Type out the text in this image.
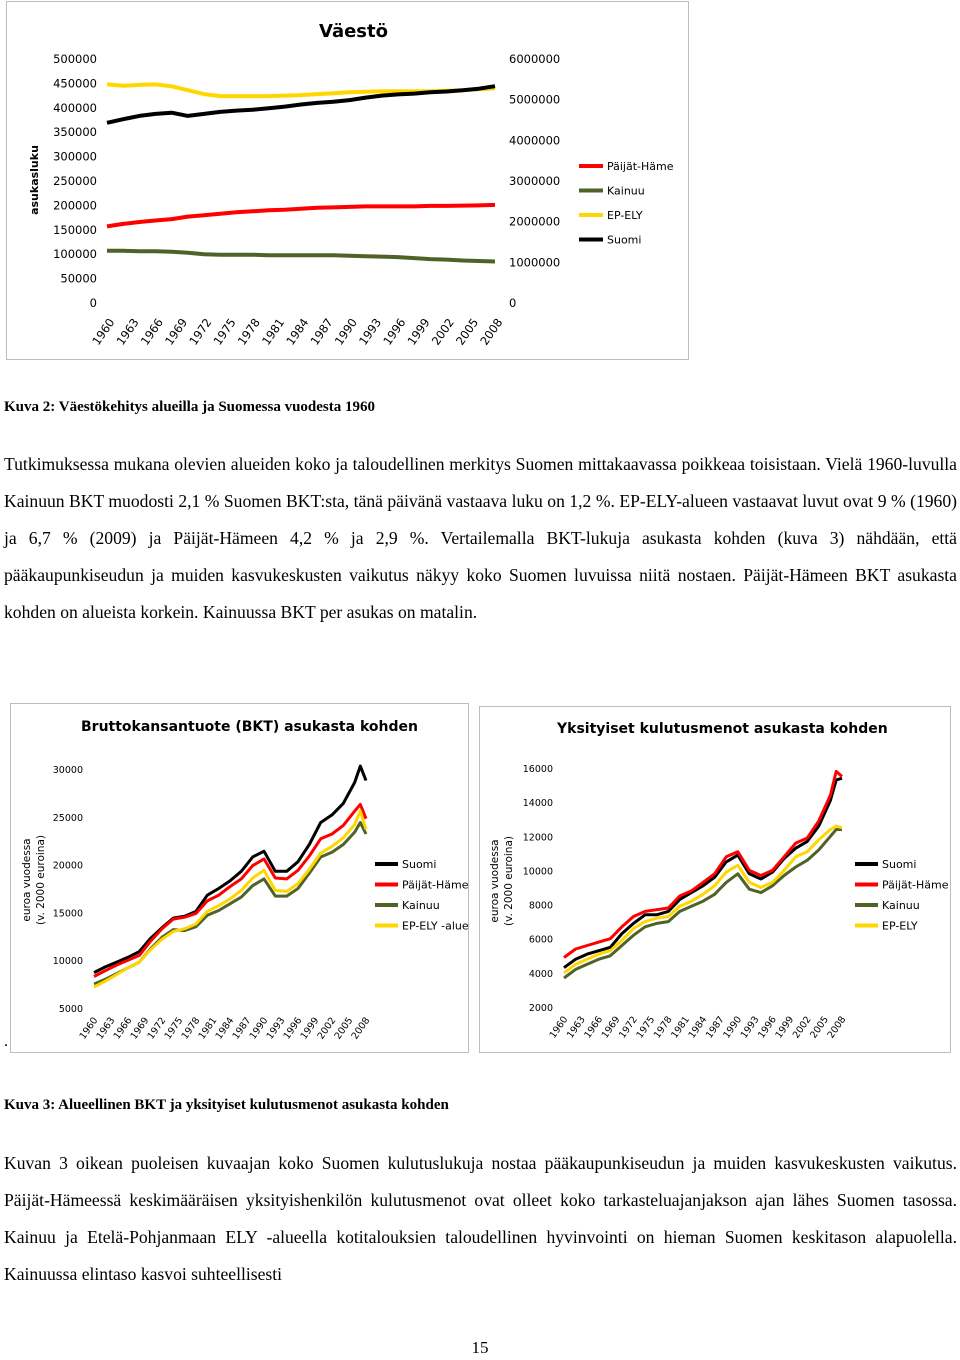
Väestö
asukasluku
500000
450000
400000
350000
300000
250000
200000
150000
100000
50000
0
6000000
5000000
4000000
3000000
2000000
1000000
0
1960
1963
1966
1969
1972
1975
1978
1981
1984
1987
1990
1993
1996
1999
2002
2005
2008
Päijät-Häme
Kainuu
EP-ELY
Suomi
Kuva 2: Väestökehitys alueilla ja Suomessa vuodesta 1960

Tutkimuksessa mukana olevien alueiden koko ja taloudellinen merkitys Suomen mittakaavassa poikkeaa toisistaan. Vielä 1960-luvulla Kainuun BKT muodosti 2,1 % Suomen BKT:sta, tänä päivänä vastaava luku on 1,2 %. EP-ELY-alueen vastaavat luvut ovat 9 % (1960) ja 6,7 % (2009) ja Päijät-Hämeen 4,2 % ja 2,9 %. Vertailemalla BKT-lukuja asukasta kohden (kuva 3) nähdään, että pääkaupunkiseudun ja muiden kasvukeskusten vaikutus näkyy koko Suomen luvuissa niitä nostaen. Päijät-Hämeen BKT asukasta kohden on alueista korkein. Kainuussa BKT per asukas on matalin.

Bruttokansantuote (BKT) asukasta kohden
euroa vuodessa (v. 2000 euroina)
30000
25000
20000
15000
10000
5000
1960
1963
1966
1969
1972
1975
1978
1981
1984
1987
1990
1993
1996
1999
2002
2005
2008
Suomi
Päijät-Häme
Kainuu
EP-ELY -alue
Yksityiset kulutusmenot asukasta kohden
euroa vuodessa (v. 2000 euroina)
16000
14000
12000
10000
8000
6000
4000
2000
1960
1963
1966
1969
1972
1975
1978
1981
1984
1987
1990
1993
1996
1999
2002
2005
2008
Suomi
Päijät-Häme
Kainuu
EP-ELY
.
Kuva 3: Alueellinen BKT ja yksityiset kulutusmenot asukasta kohden

Kuvan 3 oikean puoleisen kuvaajan koko Suomen kulutuslukuja nostaa pääkaupunkiseudun ja muiden kasvukeskusten vaikutus. Päijät-Hämeessä keskimääräisen yksityishenkilön kulutusmenot ovat olleet koko tarkasteluajanjakson ajan lähes Suomen tasossa. Kainuu ja Etelä-Pohjanmaan ELY -alueella kotitalouksien taloudellinen hyvinvointi on hieman Suomen keskitason alapuolella. Kainuussa elintaso kasvoi suhteellisesti

15
